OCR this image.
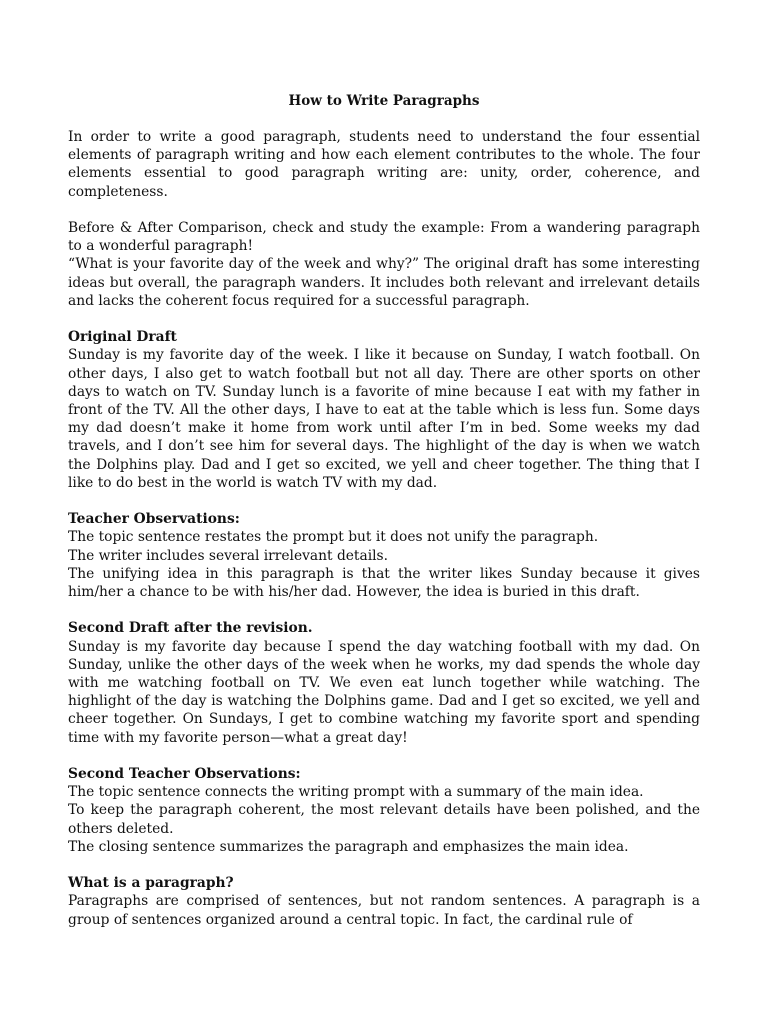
How to Write Paragraphs

In order to write a good paragraph, students need to understand the four essential elements of paragraph writing and how each element contributes to the whole. The four elements essential to good paragraph writing are: unity, order, coherence, and completeness.

Before & After Comparison, check and study the example: From a wandering paragraph to a wonderful paragraph!

“What is your favorite day of the week and why?” The original draft has some interesting ideas but overall, the paragraph wanders. It includes both relevant and irrelevant details and lacks the coherent focus required for a successful paragraph.

Original Draft

Sunday is my favorite day of the week. I like it because on Sunday, I watch football. On other days, I also get to watch football but not all day. There are other sports on other days to watch on TV. Sunday lunch is a favorite of mine because I eat with my father in front of the TV. All the other days, I have to eat at the table which is less fun. Some days my dad doesn’t make it home from work until after I’m in bed. Some weeks my dad travels, and I don’t see him for several days. The highlight of the day is when we watch the Dolphins play. Dad and I get so excited, we yell and cheer together. The thing that I like to do best in the world is watch TV with my dad.

Teacher Observations:

The topic sentence restates the prompt but it does not unify the paragraph.

The writer includes several irrelevant details.

The unifying idea in this paragraph is that the writer likes Sunday because it gives him/her a chance to be with his/her dad. However, the idea is buried in this draft.

Second Draft after the revision.

Sunday is my favorite day because I spend the day watching football with my dad. On Sunday, unlike the other days of the week when he works, my dad spends the whole day with me watching football on TV. We even eat lunch together while watching. The highlight of the day is watching the Dolphins game. Dad and I get so excited, we yell and cheer together. On Sundays, I get to combine watching my favorite sport and spending time with my favorite person—what a great day!

Second Teacher Observations:

The topic sentence connects the writing prompt with a summary of the main idea.

To keep the paragraph coherent, the most relevant details have been polished, and the others deleted.

The closing sentence summarizes the paragraph and emphasizes the main idea.

What is a paragraph?

Paragraphs are comprised of sentences, but not random sentences. A paragraph is a group of sentences organized around a central topic. In fact, the cardinal rule of
